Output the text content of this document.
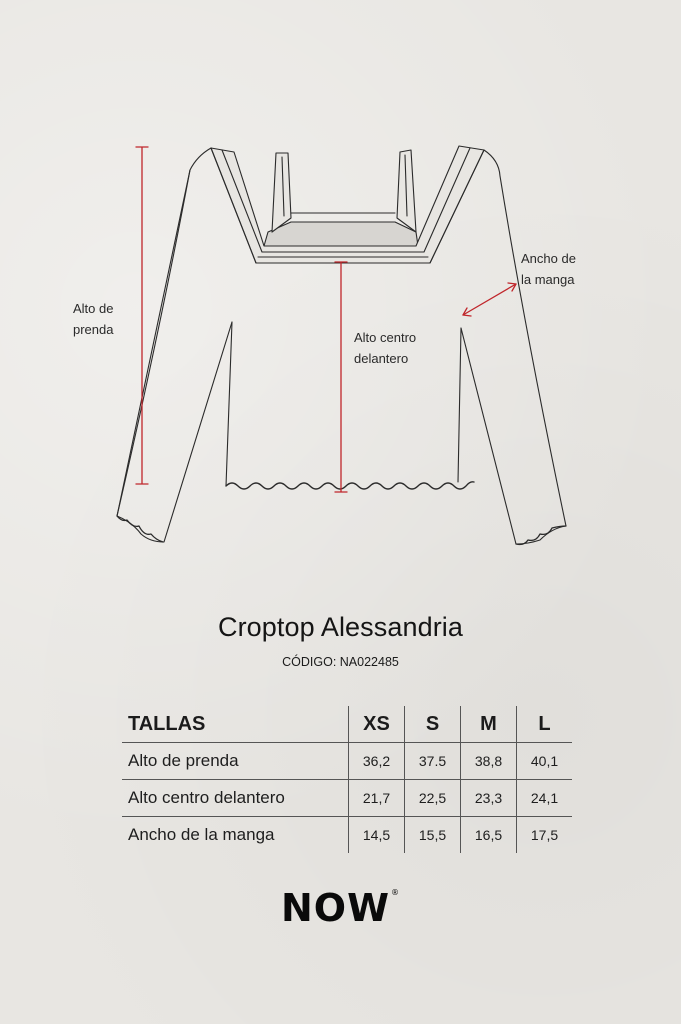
Alto de
prenda
Alto centro
delantero
Ancho de
la manga
Croptop Alessandria
CÓDIGO: NA022485
TALLAS	XS	S	M	L
Alto de prenda	36,2	37.5	38,8	40,1
Alto centro delantero	21,7	22,5	23,3	24,1
Ancho de la manga	14,5	15,5	16,5	17,5
NOW®
